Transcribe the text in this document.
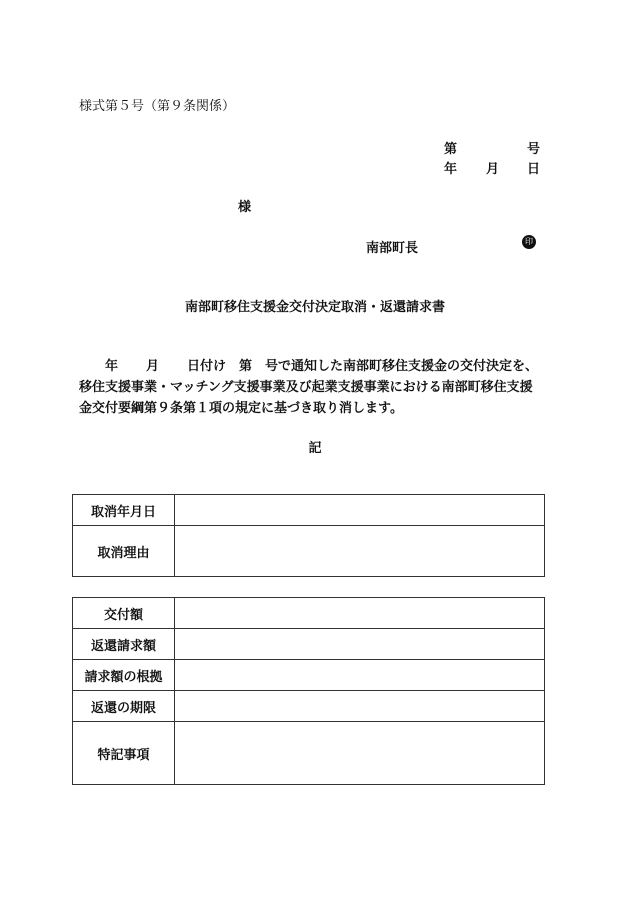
様式第５号（第９条関係）
第	号
年 月 日
様
南部町長	印
南部町移住支援金交付決定取消・返還請求書
年 月 日付け　第 号で通知した南部町移住支援金の交付決定を、
移住支援事業・マッチング支援事業及び起業支援事業における南部町移住支援
金交付要綱第９条第１項の規定に基づき取り消します。
記
取消年月日	
取消理由	
交付額	
返還請求額	
請求額の根拠	
返還の期限	
特記事項	
